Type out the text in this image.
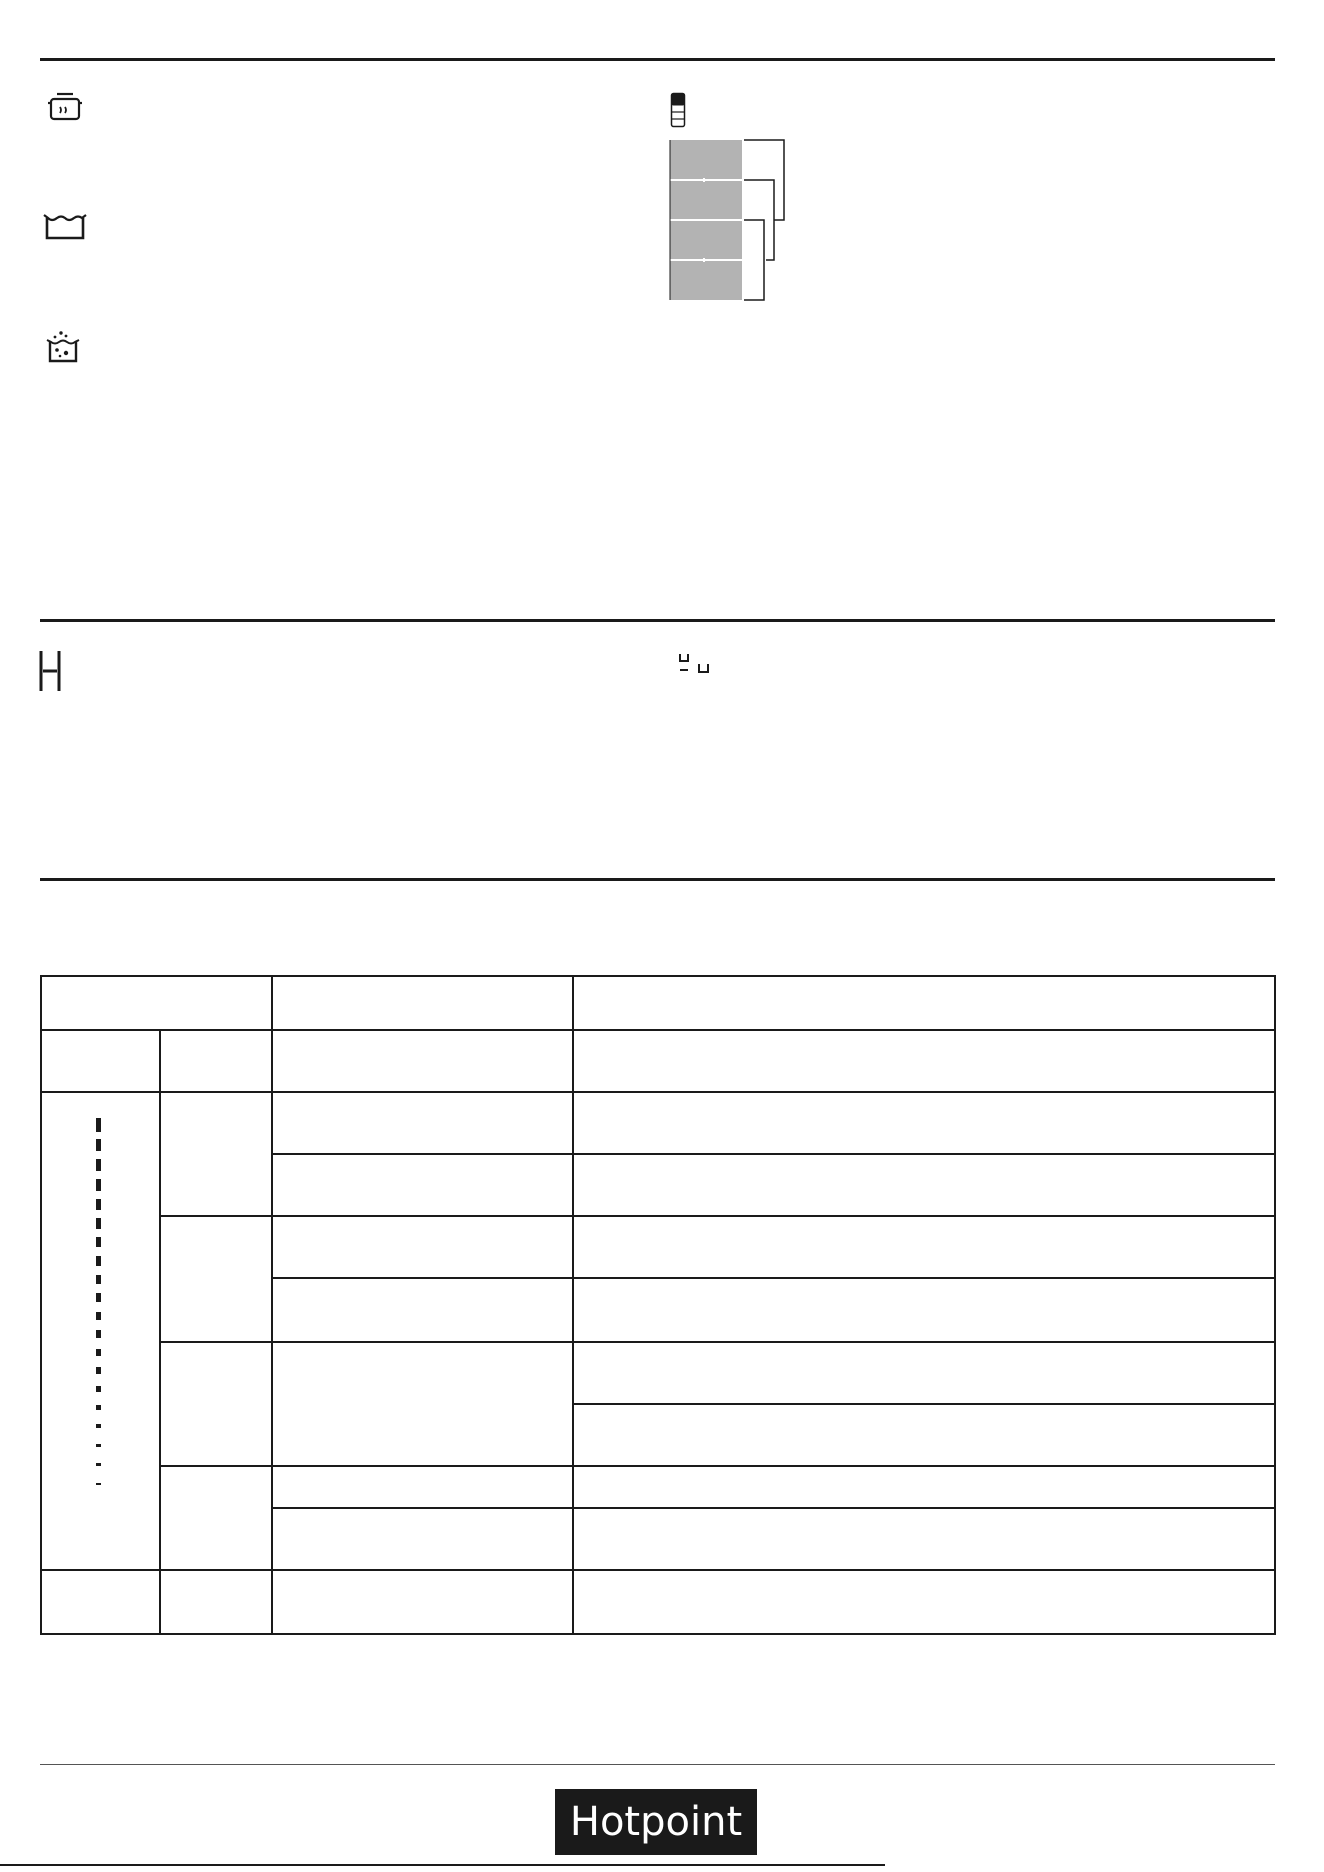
Hotpoint
